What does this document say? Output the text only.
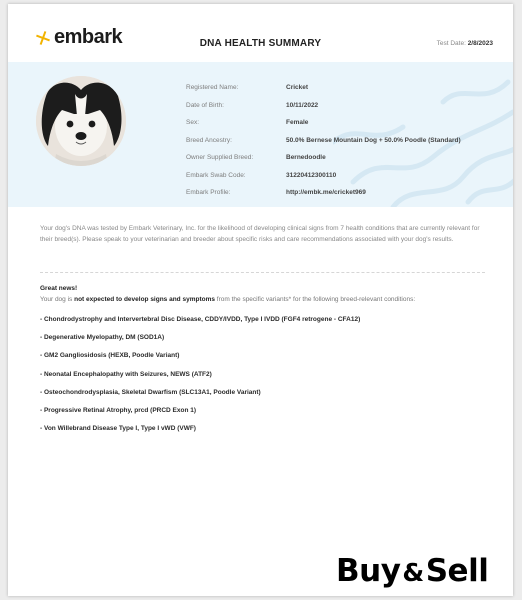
embark	DNA HEALTH SUMMARY	Test Date: 2/8/2023
Registered Name:	Cricket
Date of Birth:	10/11/2022
Sex:	Female
Breed Ancestry:	50.0% Bernese Mountain Dog + 50.0% Poodle (Standard)
Owner Supplied Breed:	Bernedoodle
Embark Swab Code:	31220412300110
Embark Profile:	http://embk.me/cricket969
Your dog's DNA was tested by Embark Veterinary, Inc. for the likelihood of developing clinical signs from 7 health conditions that are currently relevant for their breed(s). Please speak to your veterinarian and breeder about specific risks and care recommendations associated with your dog's results.
Great news!
Your dog is not expected to develop signs and symptoms from the specific variants* for the following breed-relevant conditions:
- Chondrodystrophy and Intervertebral Disc Disease, CDDY/IVDD, Type I IVDD (FGF4 retrogene - CFA12)
- Degenerative Myelopathy, DM (SOD1A)
- GM2 Gangliosidosis (HEXB, Poodle Variant)
- Neonatal Encephalopathy with Seizures, NEWS (ATF2)
- Osteochondrodysplasia, Skeletal Dwarfism (SLC13A1, Poodle Variant)
- Progressive Retinal Atrophy, prcd (PRCD Exon 1)
- Von Willebrand Disease Type I, Type I vWD (VWF)
Buy&Sell
